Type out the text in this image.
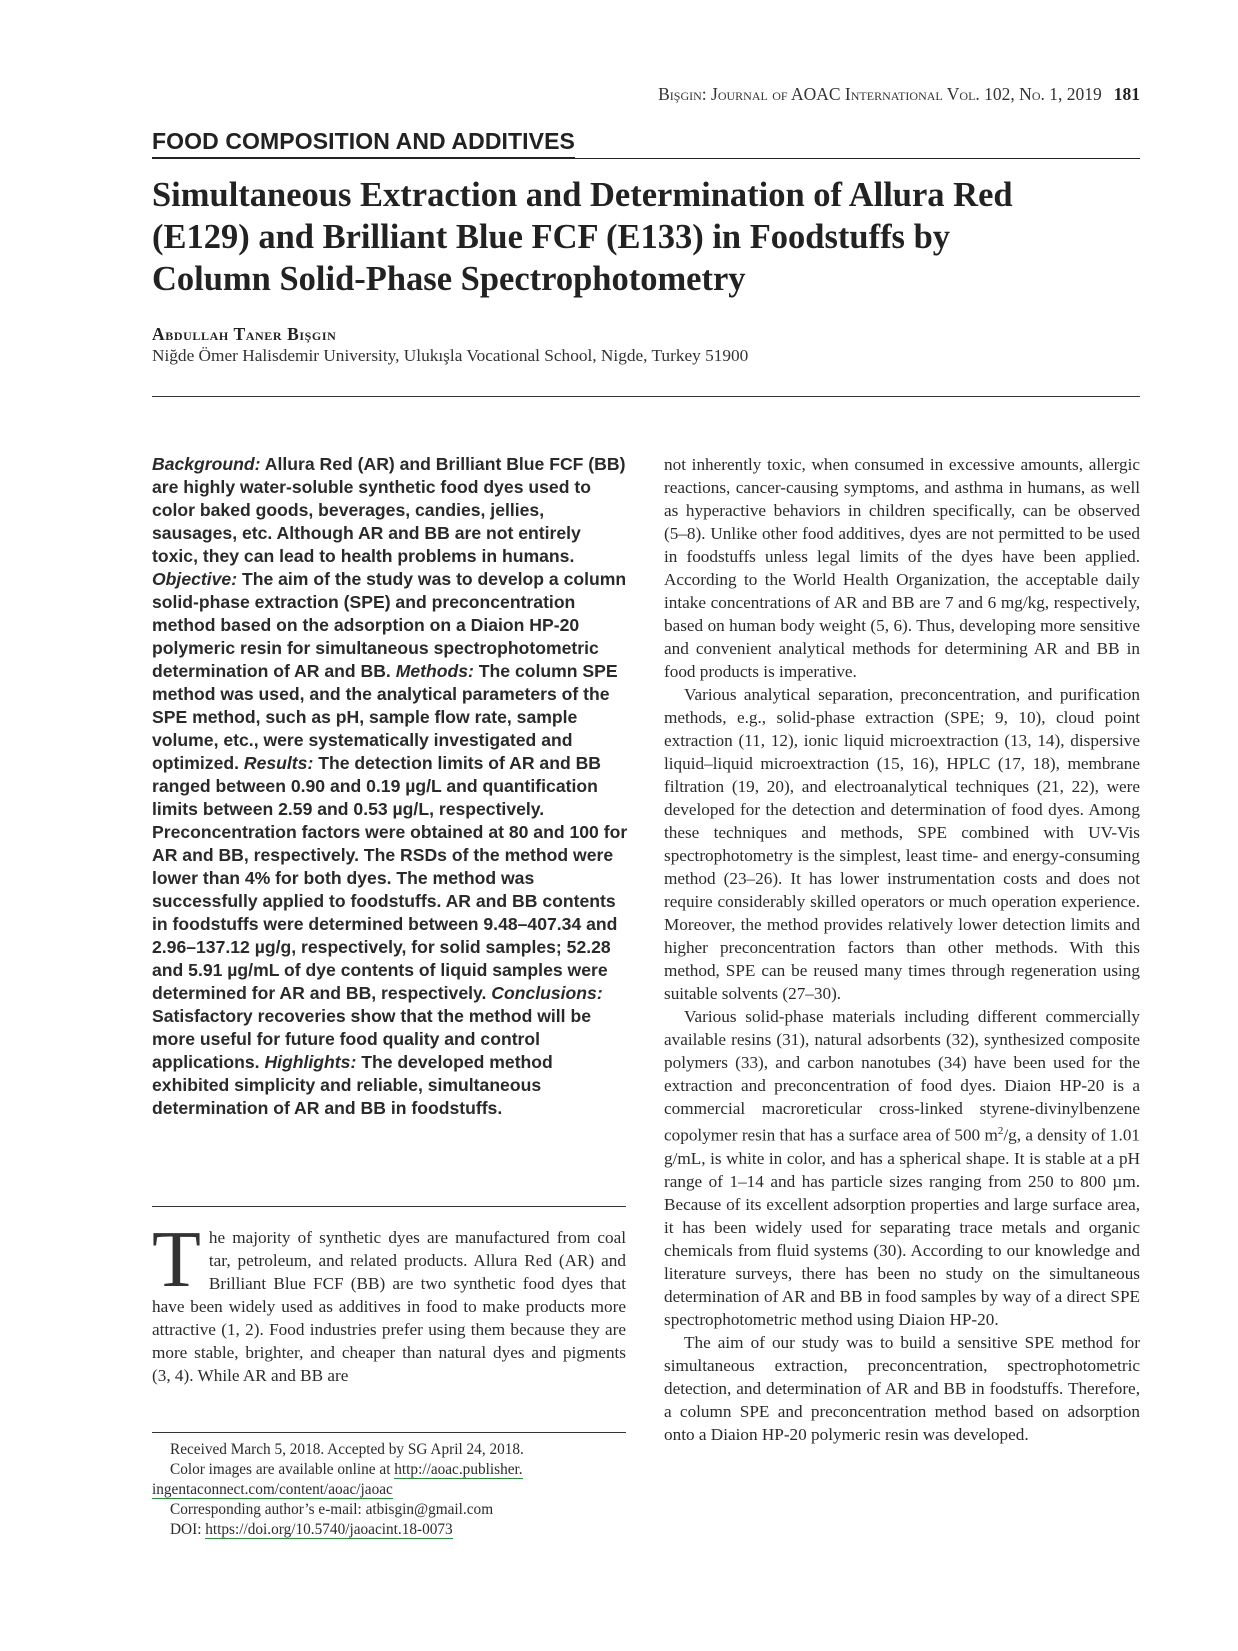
Bişgin: Journal of AOAC International Vol. 102, No. 1, 2019 181
FOOD COMPOSITION AND ADDITIVES
Simultaneous Extraction and Determination of Allura Red
(E129) and Brilliant Blue FCF (E133) in Foodstuffs by
Column Solid-Phase Spectrophotometry
Abdullah Taner Bişgin
Niğde Ömer Halisdemir University, Ulukışla Vocational School, Nigde, Turkey 51900

Background: Allura Red (AR) and Brilliant Blue FCF (BB) are highly water-soluble synthetic food dyes used to color baked goods, beverages, candies, jellies, sausages, etc. Although AR and BB are not entirely toxic, they can lead to health problems in humans. Objective: The aim of the study was to develop a column solid-phase extraction (SPE) and preconcentration method based on the adsorption on a Diaion HP-20 polymeric resin for simultaneous spectrophotometric determination of AR and BB. Methods: The column SPE method was used, and the analytical parameters of the SPE method, such as pH, sample flow rate, sample volume, etc., were systematically investigated and optimized. Results: The detection limits of AR and BB ranged between 0.90 and 0.19 µg/L and quantification limits between 2.59 and 0.53 µg/L, respectively. Preconcentration factors were obtained at 80 and 100 for AR and BB, respectively. The RSDs of the method were lower than 4% for both dyes. The method was successfully applied to foodstuffs. AR and BB contents in foodstuffs were determined between 9.48–407.34 and 2.96–137.12 µg/g, respectively, for solid samples; 52.28 and 5.91 µg/mL of dye contents of liquid samples were determined for AR and BB, respectively. Conclusions: Satisfactory recoveries show that the method will be more useful for future food quality and control applications. Highlights: The developed method exhibited simplicity and reliable, simultaneous determination of AR and BB in foodstuffs.

The majority of synthetic dyes are manufactured from coal tar, petroleum, and related products. Allura Red (AR) and Brilliant Blue FCF (BB) are two synthetic food dyes that have been widely used as additives in food to make products more attractive (1, 2). Food industries prefer using them because they are more stable, brighter, and cheaper than natural dyes and pigments (3, 4). While AR and BB are

Received March 5, 2018. Accepted by SG April 24, 2018.

Color images are available online at http://aoac.publisher.

ingentaconnect.com/content/aoac/jaoac

Corresponding author’s e-mail: atbisgin@gmail.com

DOI: https://doi.org/10.5740/jaoacint.18-0073

not inherently toxic, when consumed in excessive amounts, allergic reactions, cancer-causing symptoms, and asthma in humans, as well as hyperactive behaviors in children specifically, can be observed (5–8). Unlike other food additives, dyes are not permitted to be used in foodstuffs unless legal limits of the dyes have been applied. According to the World Health Organization, the acceptable daily intake concentrations of AR and BB are 7 and 6 mg/kg, respectively, based on human body weight (5, 6). Thus, developing more sensitive and convenient analytical methods for determining AR and BB in food products is imperative.

Various analytical separation, preconcentration, and purification methods, e.g., solid-phase extraction (SPE; 9, 10), cloud point extraction (11, 12), ionic liquid microextraction (13, 14), dispersive liquid–liquid microextraction (15, 16), HPLC (17, 18), membrane filtration (19, 20), and electroanalytical techniques (21, 22), were developed for the detection and determination of food dyes. Among these techniques and methods, SPE combined with UV-Vis spectrophotometry is the simplest, least time- and energy-consuming method (23–26). It has lower instrumentation costs and does not require considerably skilled operators or much operation experience. Moreover, the method provides relatively lower detection limits and higher preconcentration factors than other methods. With this method, SPE can be reused many times through regeneration using suitable solvents (27–30).

Various solid-phase materials including different commercially available resins (31), natural adsorbents (32), synthesized composite polymers (33), and carbon nanotubes (34) have been used for the extraction and preconcentration of food dyes. Diaion HP-20 is a commercial macroreticular cross-linked styrene-divinylbenzene copolymer resin that has a surface area of 500 $m^2/g$, a density of 1.01 g/mL, is white in color, and has a spherical shape. It is stable at a pH range of 1–14 and has particle sizes ranging from 250 to 800 µm. Because of its excellent adsorption properties and large surface area, it has been widely used for separating trace metals and organic chemicals from fluid systems (30). According to our knowledge and literature surveys, there has been no study on the simultaneous determination of AR and BB in food samples by way of a direct SPE spectrophotometric method using Diaion HP-20.

The aim of our study was to build a sensitive SPE method for simultaneous extraction, preconcentration, spectrophotometric detection, and determination of AR and BB in foodstuffs. Therefore, a column SPE and preconcentration method based on adsorption onto a Diaion HP-20 polymeric resin was developed.
